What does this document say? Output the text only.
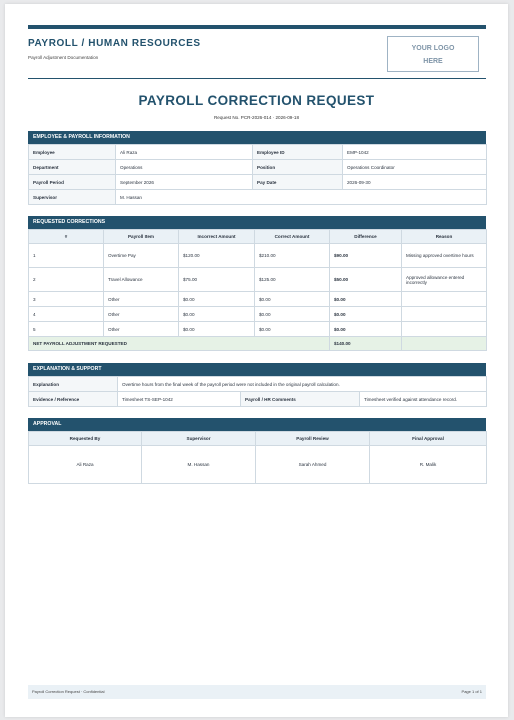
PAYROLL / HUMAN RESOURCES
Payroll Adjustment Documentation
YOUR LOGO
HERE
PAYROLL CORRECTION REQUEST
Request No. PCR-2026-014 · 2026-09-18
EMPLOYEE & PAYROLL INFORMATION
Employee	Ali Raza	Employee ID	EMP-1042
Department	Operations	Position	Operations Coordinator
Payroll Period	September 2026	Pay Date	2026-09-30
Supervisor	M. Hassan		
REQUESTED CORRECTIONS
#	Payroll Item	Incorrect Amount	Correct Amount	Difference	Reason
1	Overtime Pay	$120.00	$210.00	$90.00	Missing approved overtime hours
2	Travel Allowance	$75.00	$125.00	$50.00	Approved allowance entered incorrectly
3	Other	$0.00	$0.00	$0.00	
4	Other	$0.00	$0.00	$0.00	
5	Other	$0.00	$0.00	$0.00	
NET PAYROLL ADJUSTMENT REQUESTED				$140.00	
EXPLANATION & SUPPORT
Explanation	Overtime hours from the final week of the payroll period were not included in the original payroll calculation.		
Evidence / Reference	Timesheet TS-SEP-1042	Payroll / HR Comments	Timesheet verified against attendance record.
APPROVAL
Requested By	Supervisor	Payroll Review	Final Approval
Ali Raza	M. Hassan	Sarah Ahmed	R. Malik
Payroll Correction Request · Confidential	Page 1 of 1
